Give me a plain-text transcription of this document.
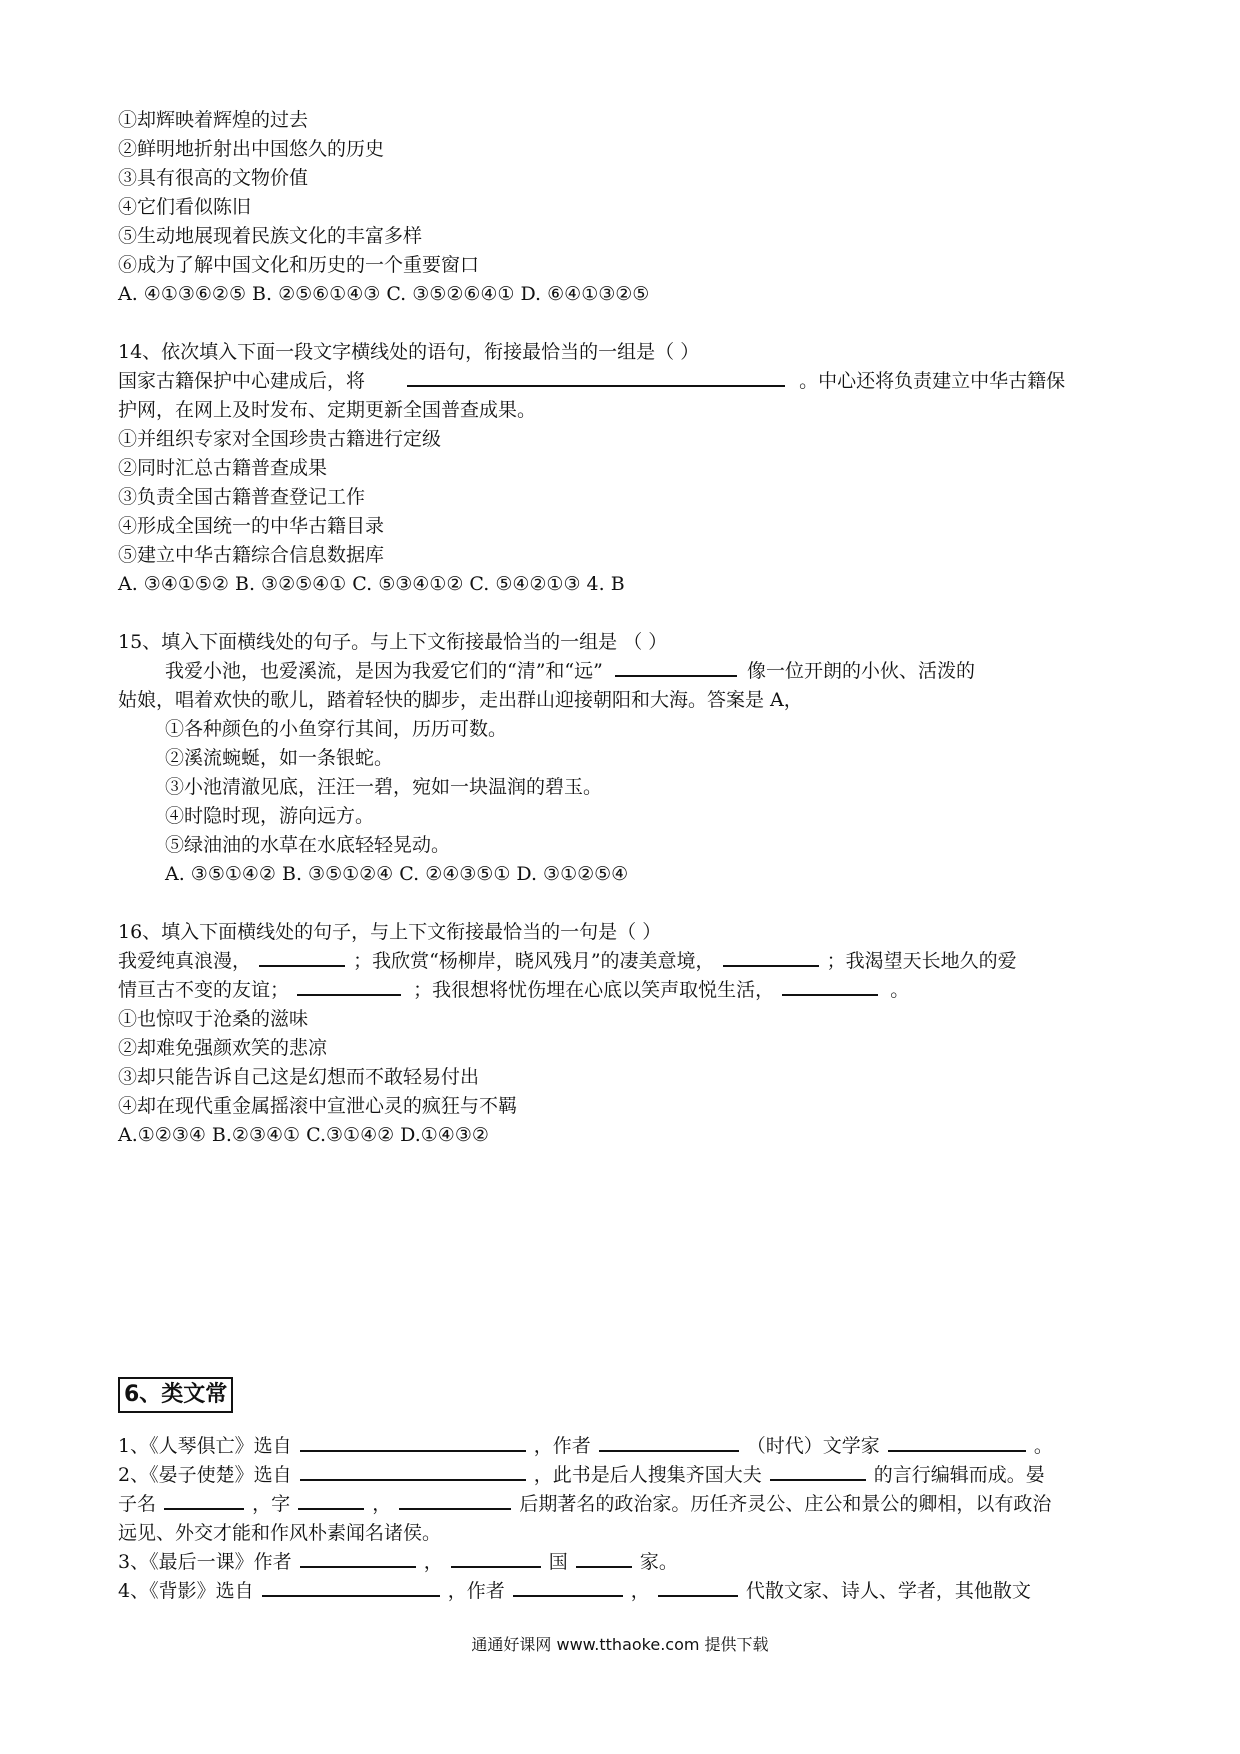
①却辉映着辉煌的过去
②鲜明地折射出中国悠久的历史
③具有很高的文物价值
④它们看似陈旧
⑤生动地展现着民族文化的丰富多样
⑥成为了解中国文化和历史的一个重要窗口
A. ④①③⑥②⑤ B. ②⑤⑥①④③ C. ③⑤②⑥④① D. ⑥④①③②⑤
14、依次填入下面一段文字横线处的语句，衔接最恰当的一组是（ ）
国家古籍保护中心建成后，将	。中心还将负责建立中华古籍保
护网，在网上及时发布、定期更新全国普查成果。
①并组织专家对全国珍贵古籍进行定级
②同时汇总古籍普查成果
③负责全国古籍普查登记工作
④形成全国统一的中华古籍目录
⑤建立中华古籍综合信息数据库
A. ③④①⑤② B. ③②⑤④① C. ⑤③④①② C. ⑤④②①③ 4. B
15、填入下面横线处的句子。与上下文衔接最恰当的一组是 （ ）
我爱小池，也爱溪流，是因为我爱它们的“清”和“远”	像一位开朗的小伙、活泼的
姑娘，唱着欢快的歌儿，踏着轻快的脚步，走出群山迎接朝阳和大海。答案是 A，
①各种颜色的小鱼穿行其间，历历可数。
②溪流蜿蜒，如一条银蛇。
③小池清澈见底，汪汪一碧，宛如一块温润的碧玉。
④时隐时现，游向远方。
⑤绿油油的水草在水底轻轻晃动。
A. ③⑤①④② B. ③⑤①②④ C. ②④③⑤① D. ③①②⑤④
16、填入下面横线处的句子，与上下文衔接最恰当的一句是（ ）
我爱纯真浪漫，	；我欣赏“杨柳岸，晓风残月”的凄美意境，	；我渴望天长地久的爱
情亘古不变的友谊；	；我很想将忧伤埋在心底以笑声取悦生活，	。
①也惊叹于沧桑的滋味
②却难免强颜欢笑的悲凉
③却只能告诉自己这是幻想而不敢轻易付出
④却在现代重金属摇滚中宣泄心灵的疯狂与不羁
A.①②③④ B.②③④① C.③①④② D.①④③②
6、类文常
1、《人琴俱亡》选自	，作者	（时代）文学家	。
2、《晏子使楚》选自	，此书是后人搜集齐国大夫	的言行编辑而成。晏
子名	，字	，	后期著名的政治家。历任齐灵公、庄公和景公的卿相，以有政治
远见、外交才能和作风朴素闻名诸侯。
3、《最后一课》作者	，	国	家。
4、《背影》选自	，作者	，	代散文家、诗人、学者，其他散文
通通好课网 www.tthaoke.com 提供下载
